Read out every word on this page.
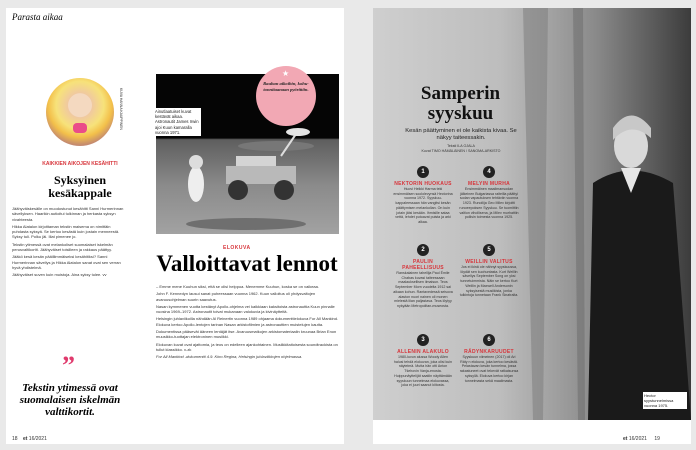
Parasta aikaa
KUVA HANNA KAUPPINEN
KAIKKIEN AIKOJEN KESÄHITTI
Syksyinen kesäkappale

Jäähyväiskesälle on muodostunut kesähitti Sanni Hurmerinnan sävellyksen. Haarikin autioitui tulkinnan ja herkasta syksyn vivahteesta.

Hikka Alatalon kirjoittaman tekstin maisema on nimittäin puhdasta syksyä. Se kertoo kesästä kuin jostain menneestä. Syksy tuli. Polku jäi. Illat pimenee jo.

Tekstin ytimessä ovat melankoliset suomalaiset iskelmän perusvaltikortit. Jäähyväiset toisilleen ja rakkaus päättyy.

Jääkö kesä kesän pääillimmäiseksi kesähitiksi? Sanni Hurmerinnan sävellys ja Hikka Alatalon sanat ovat sen verran hyvä yhdistelmä.

Jäähyväiset suven kuin muistoja. Aina syksy tulee. vv

”
Tekstin ytimessä ovat suomalaisen iskelmän valttikortit.
Ainutlaatuiset kuvat kestävät aikaa. Astronautit James Irwin ajoi Kuun kamaralla vuonna 1971.
★
Rauhan aikoihin, kohu-tonnitaanaan pyörittiin.
ELOKUVA
Valloittavat lennot

– Emme mene Kuuhun siksi, että se olisi helppoa. Menemme Kuuhun, koska se on vaikeaa.

John F. Kennedyn lausui sanat puheessaan vuonna 1962. Kuun valloitus oli yhdysvaltojen avaruusohjelman suurin saavutus.

Nasan kymmenen vuotta kestänyt Apollo-ohjelma vei kaikkiaan kaksitoista astronauttia Kuun pinnalle vuosina 1969–1972. Astronautit toivat mukanaan valokuvia ja kivinäytteitä.

Helsingin juhlaviikoilla nähdään Al Reinertin vuonna 1989 ohjaama dokumenttielokuva For All Mankind. Elokuva kertoo Apollo-lentojen tarinan Nasan arkistofilmien ja astronauttien muistelujen kautta.

Dokumentissa pääsevät ääneen lentäjät itse. Avaruusmatkojen arkistomateriaalin kruunaa Brian Enon muusikko-tuottajan elektroninen musiikki.

Elokuvan kuvat ovat ajattomia, ja teos on edelleen ajankohtainen. Musiikkitaitoisesta soundtrackista on tullut klassikko. x-zk

For All Mankind -dokumentti 4.9. Kino Regina, Helsingin juhlaviikkojen ohjelmassa.

18 et 16/2021
Samperin syyskuu
Kesän päättyminen ei ole kaikista kivaa. Se näkyy taiteessakin.
Teksti ILA OJALA
Kuvat TIMO HÄMÄLÄINEN / SANOMA-ARKISTO
1
NEKTORIN HUOKAUS
Huovi Heikki Harma teki ensimmäisen soololevynsä Hectorina vuonna 1972. Syyskuu-kappaleessaan hän vangitsi kesän päättymisen melankolian. On kuin jotain jäisi kesään. Ihmisille sataa vettä, lehdet putoavat puista ja arki alkaa.
2
PAULIN PAHEELLISUUS
Ranskalainen tahellija Paul Émile Chabas kuvasi taiteessaan maalauksellisen ilmaisun. Teos September Morn vuodelta 1912 sai aikaan kohun. Rantavedessä seisova alaston nuori nainen oli monen mielestä liian paljastava. Teos löytyy nykyään Metropolitan-museosta.
3
ALLENIN ALAKULO
1980-luvun alussa Woody Allen halusi tehdä elokuvan, joka olisi kuin näytelmä. Mutta hän otti Anton Tšehovin Vanja-enosta. Huippunäyttelijät saatiin näyttämään syyskuun tunnelmaa elokuvassa, joka ei juuri saanut kiitosta.
4
MELYIN MURHA
Ensimmäinen maailmansodan jälkeinen Bulgariassa raiteilla päättyi sodan vapautuksen tehtäviin vuonna 1923. Runoilija Geo Milev kirjoitti runoeepoksen Syyskuu. Se tuomittiin valtion vihollisena, ja Milev murhattiin poliisin toimesta vuonna 1925.
5
WEILLIN VALITUS
Jos ei ikinä ole nähnyt syyskuussa, löydät sen kuohuntasta. Kurt Weillin sävellys September Song on yksi tunnetuimmista. Näin se kertoo Kurt Weillin ja Maxwell Andersonin syksyisestä musiikista, jonka tulkintoja tunnetaan Frank Sinatralta.
6
RÄDYNKARUUDET
Syyskuun viimeinen (2017) oli Ari Räty n elokuva, joka kertoo kesästä. Pelastavan kesän tunnelma, jossa rakastuneet ovat tekevät ratkaisunsa syksyllä. Elokuva kertoo kirjan tunnelmasta sekä maailmasta.
Hector syystunnelmissa vuonna 1975.
et 16/2021 19
